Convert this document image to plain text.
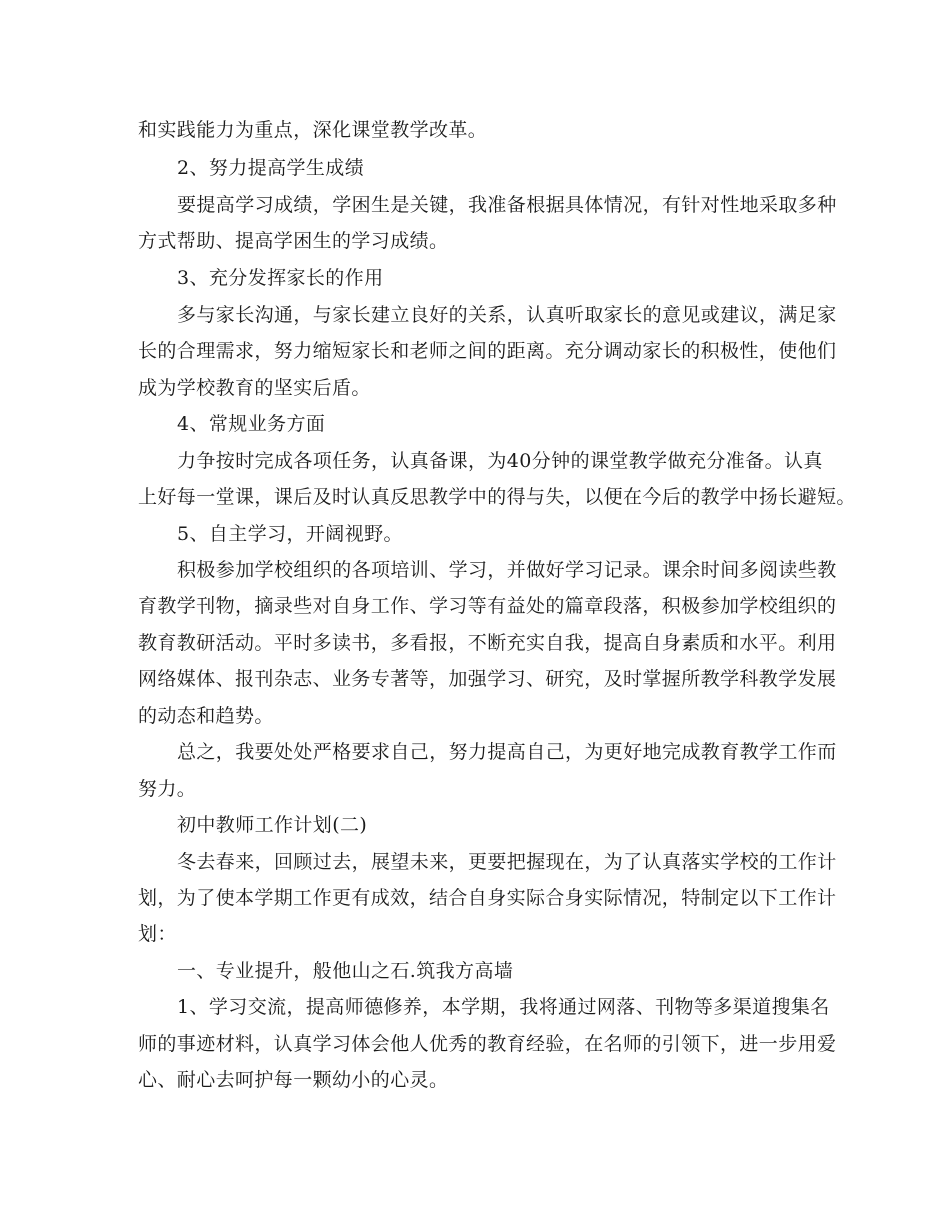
和实践能力为重点，深化课堂教学改革。
2、努力提高学生成绩
要提高学习成绩，学困生是关键，我准备根据具体情况，有针对性地采取多种
方式帮助、提高学困生的学习成绩。
3、充分发挥家长的作用
多与家长沟通，与家长建立良好的关系，认真听取家长的意见或建议，满足家
长的合理需求，努力缩短家长和老师之间的距离。充分调动家长的积极性，使他们
成为学校教育的坚实后盾。
4、常规业务方面
力争按时完成各项任务，认真备课，为40分钟的课堂教学做充分准备。认真
上好每一堂课，课后及时认真反思教学中的得与失，以便在今后的教学中扬长避短。
5、自主学习，开阔视野。
积极参加学校组织的各项培训、学习，并做好学习记录。课余时间多阅读些教
育教学刊物，摘录些对自身工作、学习等有益处的篇章段落，积极参加学校组织的
教育教研活动。平时多读书，多看报，不断充实自我，提高自身素质和水平。利用
网络媒体、报刊杂志、业务专著等，加强学习、研究，及时掌握所教学科教学发展
的动态和趋势。
总之，我要处处严格要求自己，努力提高自己，为更好地完成教育教学工作而
努力。
初中教师工作计划(二)
冬去春来，回顾过去，展望未来，更要把握现在，为了认真落实学校的工作计
划，为了使本学期工作更有成效，结合自身实际合身实际情况，特制定以下工作计
划：
一、专业提升，般他山之石.筑我方高墙
1、学习交流，提高师德修养，本学期，我将通过网落、刊物等多渠道搜集名
师的事迹材料，认真学习体会他人优秀的教育经验，在名师的引领下，进一步用爱
心、耐心去呵护每一颗幼小的心灵。
